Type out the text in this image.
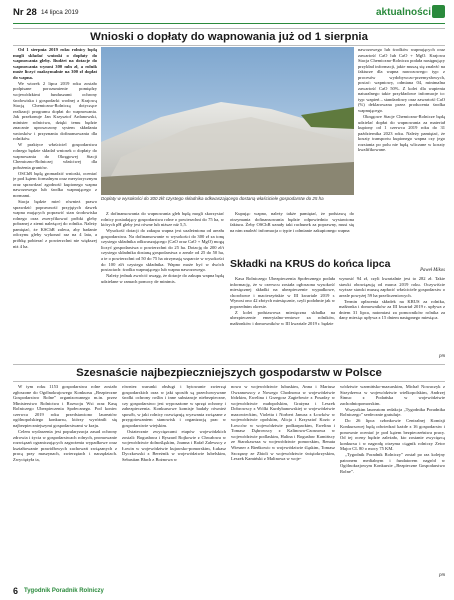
Nr 28 14 lipca 2019	aktualności
Wnioski o dopłaty do wapnowania już od 1 sierpnia

Od 1 sierpnia 2019 roku rolnicy będą mogli składać wnioski o dopłaty do wapnowania gleby. Budżet na dotacje do wapnowania wynosi 300 mln zł, a rolnik może liczyć maksymalnie na 300 zł dopłat do wapna.

We wtorek 2 lipca 2019 roku zostało podpisane porozumienie pomiędzy wojewódzkimi funduszami ochrony środowiska i gospodarki wodnej a Krajową Stacją Chemiczno-Rolniczą dotyczące realizacji programu dopłat do wapnowania. Jak przekonuje Jan Krzysztof Ardanowski, minister rolnictwa, dzięki temu będzie znacznie uproszczony system składania wniosków i przyznania dofinansowania dla rolników.

W praktyce właściciel gospodarstwa rolnego będzie składał wniosek o dopłaty do wapnowania do Okręgowej Stacji Chemiczno-Rolniczej właściwej dla położenia gruntów.

OSChR będą gromadzić wnioski, oceniać je pod kątem formalnym oraz merytorycznym oraz sprawdzać zgodność kupionego wapna nawozowego lub środka wapnującego z normami.

Stacja będzie mieć również prawo sprawdzić poprawność przyjętych dawek wapna mających poprawić stan środowiska rolnego oraz zweryfikować próbki gleby pobranej z ziemi należącej do rolnika. Należy pamiętać, że KSChR zaleca, aby badanie odczynu gleby wykonać raz na 4 lata, a próbkę pobierać z powierzchni nie większej niż 4 ha.

Dopłaty w wysokości do 300 zł/t czystego składnika odkwaszającego dostaną właściciele gospodarstw do 25 ha

Z dofinansowania do wapnowania gleb będą mogli skorzystać rolnicy posiadający gospodarstwa rolne o powierzchni do 75 ha, w których pH gleby jest równe lub niższe niż 5,5.

Wysokość dotacji do zakupu wapna jest uzależniona od areału gospodarstwa. Na dofinansowanie w wysokości do 300 zł za tonę czystego składnika odkwaszającego (CaO oraz CaO + MgO) mogą liczyć gospodarstwa o powierzchni do 25 ha. Dotację do 200 zł/t czystego składnika dostaną gospodarstwa o areale od 25 do 50 ha, a te o powierzchni od 50 do 75 ha otrzymają wsparcie w wysokości do 100 zł/t czystego składnika. Wapno może być w dwóch postaciach: środka wapnującego lub wapna nawozowego.

Należy jednak zwrócić uwagę, że dotacje do zakupu wapna będą udzielane w ramach pomocy de minimis.

Kupując wapno, należy także pamiętać, że podstawą do otrzymania dofinansowania będzie odpowiednio wystawiona faktura. Żeby OSChR uznały taki rachunek za poprawny, musi się na nim znaleźć informacja o typie i odmianie zakupionego wapna

nawozowego lub środków wapnujących oraz zawartość CaO lub CaO + MgO. Krajowa Stacja Chemiczno-Rolnicza podała następujący przykład informacji, jakie muszą się znaleźć na fakturze dla wapna nawozowego: typ: z procesów wydobywczo-przemysłowych, postać: wapniowy, odmiana 04, minimalna zawartość CaO 50%. Z kolei dla wapienia naturalnego takie przykładowe informacje to: typ: wapień – standardowy oraz zawartość CaO (%) deklarowana przez producenta środka wapnującego.

Okręgowe Stacje Chemiczno-Rolnicze będą udzielać dopłat do wapnowania za materiał kupiony od 1 czerwca 2019 roku do 31 października 2023 roku. Należy pamiętać, że koszty transportu kupionego wapna czy jego rozsiania po polu nie będą wliczane w koszty kwalifikowane.

Paweł Mikos
Składki na KRUS do końca lipca

Kasa Rolniczego Ubezpieczenia Społecznego podała informację, że w czerwcu została ogłoszona wysokość miesięcznej składki na ubezpieczenie wypadkowe, chorobowe i macierzyńskie w III kwartale 2019 r. Wynosi ono 42 złotych miesięcznie, czyli podobnie jak w poprzednim okresie.

Z kolei podstawowa miesięczna składka na ubezpieczenie emerytalno-rentowe za rolników, małżonków i domowników w III kwartale 2019 r. będzie

wynosić 94 zł, czyli kwartalnie jest to 282 zł. Takie stawki obowiązują od marca 2019 roku. Oczywiście wyższe stawki muszą zapłacić właściciele gospodarstw o areale powyżej 59 ha przeliczeniowych.

Termin opłacenia składek na KRUS za rolnika, małżonka i domowników za III kwartał 2019 r. upływa z dniem 31 lipca, natomiast za pomocników rolnika za dany miesiąc upływa z 15 dniem następnego miesiąca.

pm
Szesnaście najbezpieczniejszych gospodarstw w Polsce

W tym roku 1153 gospodarstwa rolne zostało zgłoszone do Ogólnokrajowego Konkursu „Bezpieczne Gospodarstwo Rolne” organizowanego m.in. przez Ministerstwo Rolnictwa i Rozwoju Wsi oraz Kasę Rolniczego Ubezpieczenia Społecznego. Pod koniec czerwca 2019 roku przedstawiono laureatów ogólnopolskiego konkursu, którzy wyróżnili się najbezpieczniejszymi gospodarstwami w kraju.

Celem wydarzenia jest popularyzacja zasad ochrony zdrowia i życia w gospodarstwach rolnych, promowanie rozwiązań ograniczających zagrożenia wypadkowe oraz kształtowanie prawidłowych zachowań związanych z pracą przy maszynach, zwierzętach i narzędziach. Zwyciężyła ta,

równiez warunki obsługi i bytowanie zwierząt gospodarskich oraz w jaki sposób są przechowywane środki ochrony roślin i inne substancje niebezpieczne, czy gospodarstwo jest wyposażone w sprzęt ochrony i zabezpieczenia. Konkursowe komisje badały również sposób, w jaki rolnicy rozwiązują wyzwania związane z przygotowaniem stanowisk i organizacją prac w gospodarstwie wiejskim.

Ostatecznie zwycięzcami etapów wojewódzkich zostali: Bogusława i Ryszard Rojkowie z Chwałowa w województwie dolnośląskim, Joanna i Rafał Zalewscy z Łowin w województwie kujawsko-pomorskim, Łukasz Dyczkowski z Bereżnik w województwie lubelskim, Sebastian Błach z Bożnowa w

nowa w województwie lubuskim, Anna i Mariusz Owzanowscy z Nowego Chodnowa w województwie łódzkim, Ewelina i Grzegorz Zagiełowie z Posadzy w województwie małopolskim, Grażyna i Leszek Dobrowscy z Wólki Kurdybanowskiej w województwie mazowieckim, Violetta i Norbert Janusz z Łowków w województwie opolskim, Alicja i Krzysztof Kozic z Łowców w województwie podkarpackim, Ewelina i Tomasz Dąbrowscy z Kalinowa-Czosnowa w województwie podlaskim, Halina i Bogusław Kamińscy ze Starokawsza w województwie pomorskim, Renata Wiesner z Bieńkowic w województwie śląskim, Tomasz Szczęsny ze Zbioli w województwie świętokrzyskim, Leszek Kamiński z Malinowa w woje-

wództwie warmińsko-mazurskim, Michał Nowaczyk z Strzydzewa w województwie wielkopolskim, Andrzej Šimuc z Podańska w województwie zachodniopomorskim.

Wszystkim laureatom redakcja „Tygodnika Poradnika Rolniczego” serdecznie gratuluje.

Do 26 lipca członkowie Centralnej Komisji Konkursowej będą odwiedzać każde z 16 gospodarstw i ponownie oceniać je pod kątem bezpieczeństwa pracy. Od tej oceny będzie zależało, kto zostanie zwycięzcą konkursu i w nagrodę otrzyma ciągnik rolniczy Zetor Major CL 80 o mocy 75 KM.

„Tygodnik Poradnik Rolniczy” został po raz kolejny patronem medialnym i fundatorem nagród w Ogólnokrajowym Konkursie „Bezpieczne Gospodarstwo Rolne”.

pm
6 Tygodnik Poradnik Rolniczy
